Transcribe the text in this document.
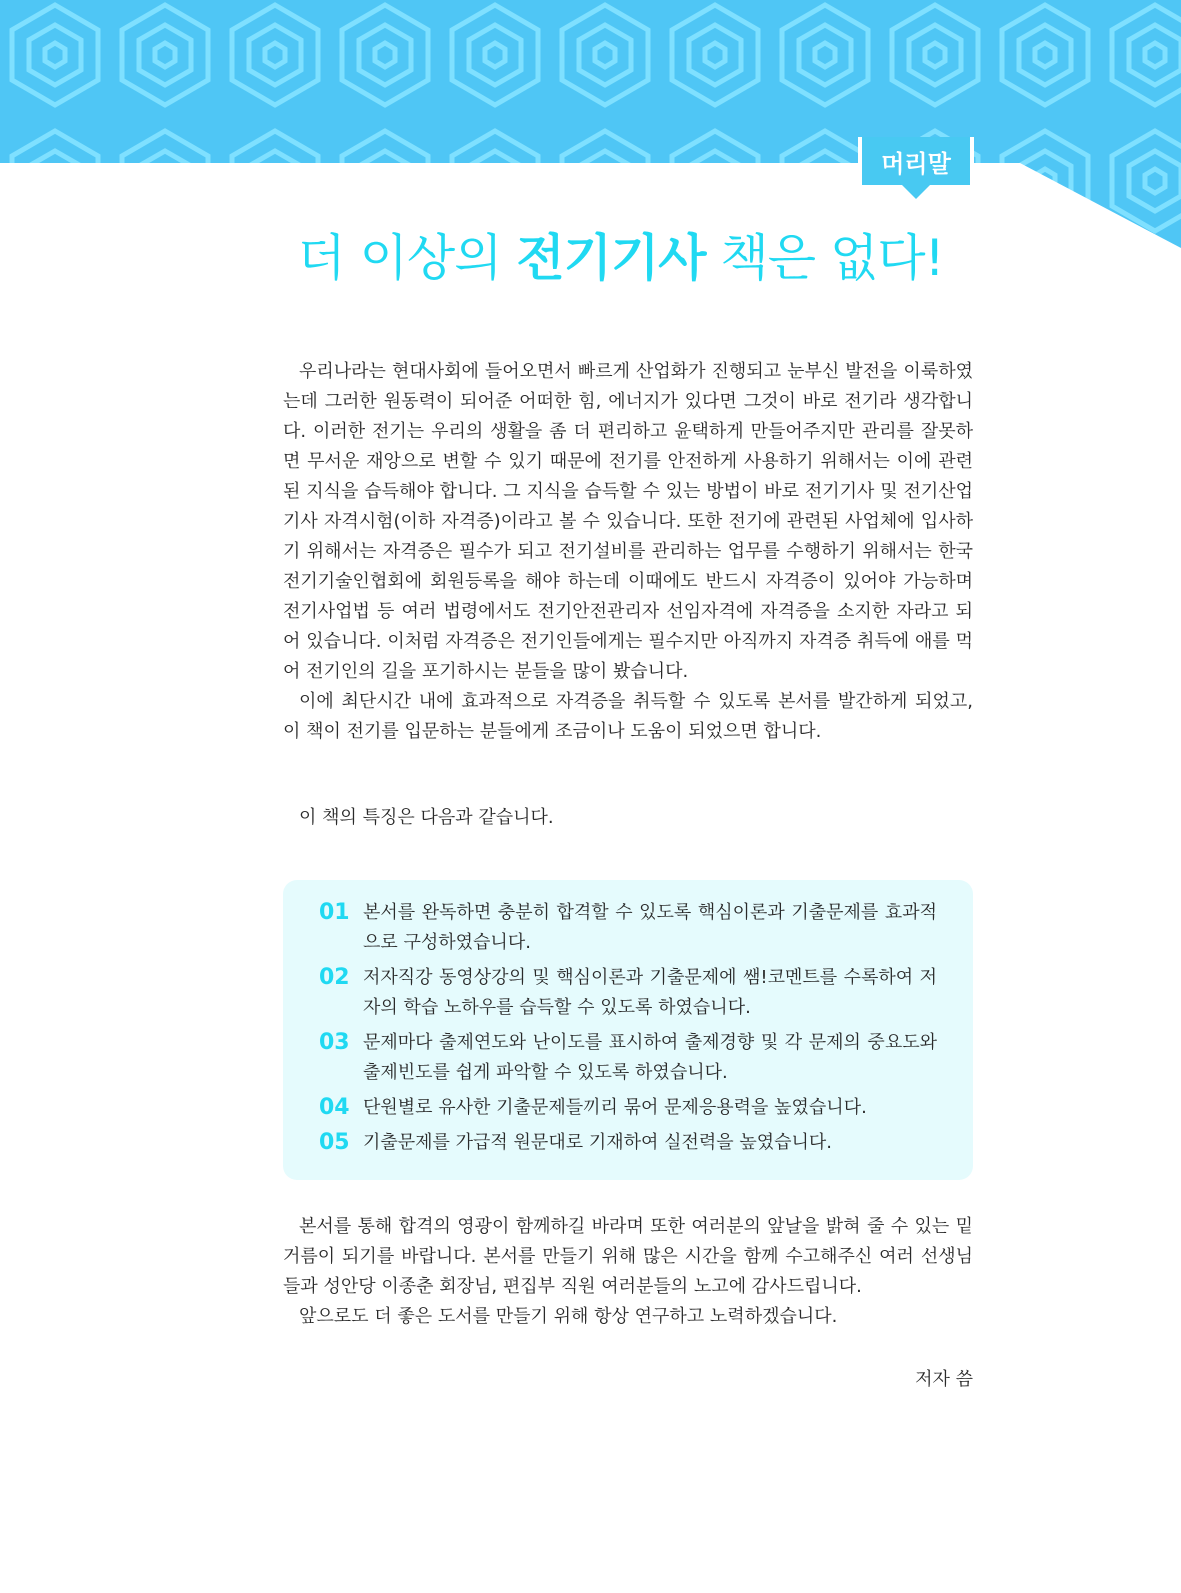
머리말
더 이상의 전기기사 책은 없다!

우리나라는 현대사회에 들어오면서 빠르게 산업화가 진행되고 눈부신 발전을 이룩하였는데 그러한 원동력이 되어준 어떠한 힘, 에너지가 있다면 그것이 바로 전기라 생각합니다. 이러한 전기는 우리의 생활을 좀 더 편리하고 윤택하게 만들어주지만 관리를 잘못하면 무서운 재앙으로 변할 수 있기 때문에 전기를 안전하게 사용하기 위해서는 이에 관련된 지식을 습득해야 합니다. 그 지식을 습득할 수 있는 방법이 바로 전기기사 및 전기산업기사 자격시험(이하 자격증)이라고 볼 수 있습니다. 또한 전기에 관련된 사업체에 입사하기 위해서는 자격증은 필수가 되고 전기설비를 관리하는 업무를 수행하기 위해서는 한국전기기술인협회에 회원등록을 해야 하는데 이때에도 반드시 자격증이 있어야 가능하며 전기사업법 등 여러 법령에서도 전기안전관리자 선임자격에 자격증을 소지한 자라고 되어 있습니다. 이처럼 자격증은 전기인들에게는 필수지만 아직까지 자격증 취득에 애를 먹어 전기인의 길을 포기하시는 분들을 많이 봤습니다.

이에 최단시간 내에 효과적으로 자격증을 취득할 수 있도록 본서를 발간하게 되었고, 이 책이 전기를 입문하는 분들에게 조금이나 도움이 되었으면 합니다.

이 책의 특징은 다음과 같습니다.

01 본서를 완독하면 충분히 합격할 수 있도록 핵심이론과 기출문제를 효과적으로 구성하였습니다.
02 저자직강 동영상강의 및 핵심이론과 기출문제에 쌤!코멘트를 수록하여 저자의 학습 노하우를 습득할 수 있도록 하였습니다.
03 문제마다 출제연도와 난이도를 표시하여 출제경향 및 각 문제의 중요도와 출제빈도를 쉽게 파악할 수 있도록 하였습니다.
04 단원별로 유사한 기출문제들끼리 묶어 문제응용력을 높였습니다.
05 기출문제를 가급적 원문대로 기재하여 실전력을 높였습니다.

본서를 통해 합격의 영광이 함께하길 바라며 또한 여러분의 앞날을 밝혀 줄 수 있는 밑거름이 되기를 바랍니다. 본서를 만들기 위해 많은 시간을 함께 수고해주신 여러 선생님들과 성안당 이종춘 회장님, 편집부 직원 여러분들의 노고에 감사드립니다.

앞으로도 더 좋은 도서를 만들기 위해 항상 연구하고 노력하겠습니다.

저자 씀
